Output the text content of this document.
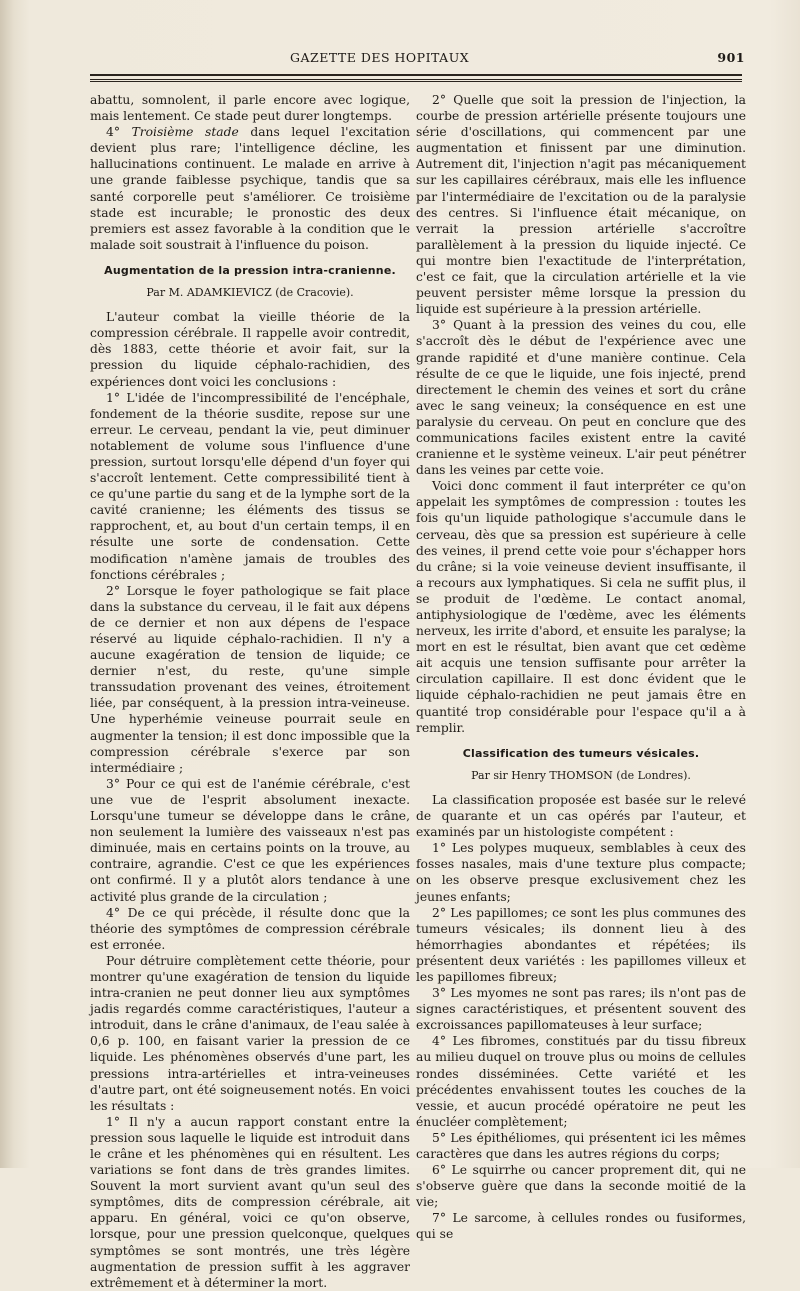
GAZETTE DES HOPITAUX	901

abattu, somnolent, il parle encore avec logique, mais lentement. Ce stade peut durer longtemps.

4° Troisième stade dans lequel l'excitation devient plus rare; l'intelligence décline, les hallucinations continuent. Le malade en arrive à une grande faiblesse psychique, tandis que sa santé corporelle peut s'améliorer. Ce troisième stade est incurable; le pronostic des deux premiers est assez favorable à la condition que le malade soit soustrait à l'influence du poison.

Augmentation de la pression intra-cranienne.
Par M. ADAMKIEVICZ (de Cracovie).

L'auteur combat la vieille théorie de la compression cérébrale. Il rappelle avoir contredit, dès 1883, cette théorie et avoir fait, sur la pression du liquide céphalo-rachidien, des expériences dont voici les conclusions :

1° L'idée de l'incompressibilité de l'encéphale, fondement de la théorie susdite, repose sur une erreur. Le cerveau, pendant la vie, peut diminuer notablement de volume sous l'influence d'une pression, surtout lorsqu'elle dépend d'un foyer qui s'accroît lentement. Cette compressibilité tient à ce qu'une partie du sang et de la lymphe sort de la cavité cranienne; les éléments des tissus se rapprochent, et, au bout d'un certain temps, il en résulte une sorte de condensation. Cette modification n'amène jamais de troubles des fonctions cérébrales ;

2° Lorsque le foyer pathologique se fait place dans la substance du cerveau, il le fait aux dépens de ce dernier et non aux dépens de l'espace réservé au liquide céphalo-rachidien. Il n'y a aucune exagération de tension de liquide; ce dernier n'est, du reste, qu'une simple transsudation provenant des veines, étroitement liée, par conséquent, à la pression intra-veineuse. Une hyperhémie veineuse pourrait seule en augmenter la tension; il est donc impossible que la compression cérébrale s'exerce par son intermédiaire ;

3° Pour ce qui est de l'anémie cérébrale, c'est une vue de l'esprit absolument inexacte. Lorsqu'une tumeur se développe dans le crâne, non seulement la lumière des vaisseaux n'est pas diminuée, mais en certains points on la trouve, au contraire, agrandie. C'est ce que les expériences ont confirmé. Il y a plutôt alors tendance à une activité plus grande de la circulation ;

4° De ce qui précède, il résulte donc que la théorie des symptômes de compression cérébrale est erronée.

Pour détruire complètement cette théorie, pour montrer qu'une exagération de tension du liquide intra-cranien ne peut donner lieu aux symptômes jadis regardés comme caractéristiques, l'auteur a introduit, dans le crâne d'animaux, de l'eau salée à 0,6 p. 100, en faisant varier la pression de ce liquide. Les phénomènes observés d'une part, les pressions intra-artérielles et intra-veineuses d'autre part, ont été soigneusement notés. En voici les résultats :

1° Il n'y a aucun rapport constant entre la pression sous laquelle le liquide est introduit dans le crâne et les phénomènes qui en résultent. Les variations se font dans de très grandes limites. Souvent la mort survient avant qu'un seul des symptômes, dits de compression cérébrale, ait apparu. En général, voici ce qu'on observe, lorsque, pour une pression quelconque, quelques symptômes se sont montrés, une très légère augmentation de pression suffit à les aggraver extrêmement et à déterminer la mort.

2° Quelle que soit la pression de l'injection, la courbe de pression artérielle présente toujours une série d'oscillations, qui commencent par une augmentation et finissent par une diminution. Autrement dit, l'injection n'agit pas mécaniquement sur les capillaires cérébraux, mais elle les influence par l'intermédiaire de l'excitation ou de la paralysie des centres. Si l'influence était mécanique, on verrait la pression artérielle s'accroître parallèlement à la pression du liquide injecté. Ce qui montre bien l'exactitude de l'interprétation, c'est ce fait, que la circulation artérielle et la vie peuvent persister même lorsque la pression du liquide est supérieure à la pression artérielle.

3° Quant à la pression des veines du cou, elle s'accroît dès le début de l'expérience avec une grande rapidité et d'une manière continue. Cela résulte de ce que le liquide, une fois injecté, prend directement le chemin des veines et sort du crâne avec le sang veineux; la conséquence en est une paralysie du cerveau. On peut en conclure que des communications faciles existent entre la cavité cranienne et le système veineux. L'air peut pénétrer dans les veines par cette voie.

Voici donc comment il faut interpréter ce qu'on appelait les symptômes de compression : toutes les fois qu'un liquide pathologique s'accumule dans le cerveau, dès que sa pression est supérieure à celle des veines, il prend cette voie pour s'échapper hors du crâne; si la voie veineuse devient insuffisante, il a recours aux lymphatiques. Si cela ne suffit plus, il se produit de l'œdème. Le contact anomal, antiphysiologique de l'œdème, avec les éléments nerveux, les irrite d'abord, et ensuite les paralyse; la mort en est le résultat, bien avant que cet œdème ait acquis une tension suffisante pour arrêter la circulation capillaire. Il est donc évident que le liquide céphalo-rachidien ne peut jamais être en quantité trop considérable pour l'espace qu'il a à remplir.

Classification des tumeurs vésicales.
Par sir Henry THOMSON (de Londres).

La classification proposée est basée sur le relevé de quarante et un cas opérés par l'auteur, et examinés par un histologiste compétent :

1° Les polypes muqueux, semblables à ceux des fosses nasales, mais d'une texture plus compacte; on les observe presque exclusivement chez les jeunes enfants;

2° Les papillomes; ce sont les plus communes des tumeurs vésicales; ils donnent lieu à des hémorrhagies abondantes et répétées; ils présentent deux variétés : les papillomes villeux et les papillomes fibreux;

3° Les myomes ne sont pas rares; ils n'ont pas de signes caractéristiques, et présentent souvent des excroissances papillomateuses à leur surface;

4° Les fibromes, constitués par du tissu fibreux au milieu duquel on trouve plus ou moins de cellules rondes disséminées. Cette variété et les précédentes envahissent toutes les couches de la vessie, et aucun procédé opératoire ne peut les énucléer complètement;

5° Les épithéliomes, qui présentent ici les mêmes caractères que dans les autres régions du corps;

6° Le squirrhe ou cancer proprement dit, qui ne s'observe guère que dans la seconde moitié de la vie;

7° Le sarcome, à cellules rondes ou fusiformes, qui se
